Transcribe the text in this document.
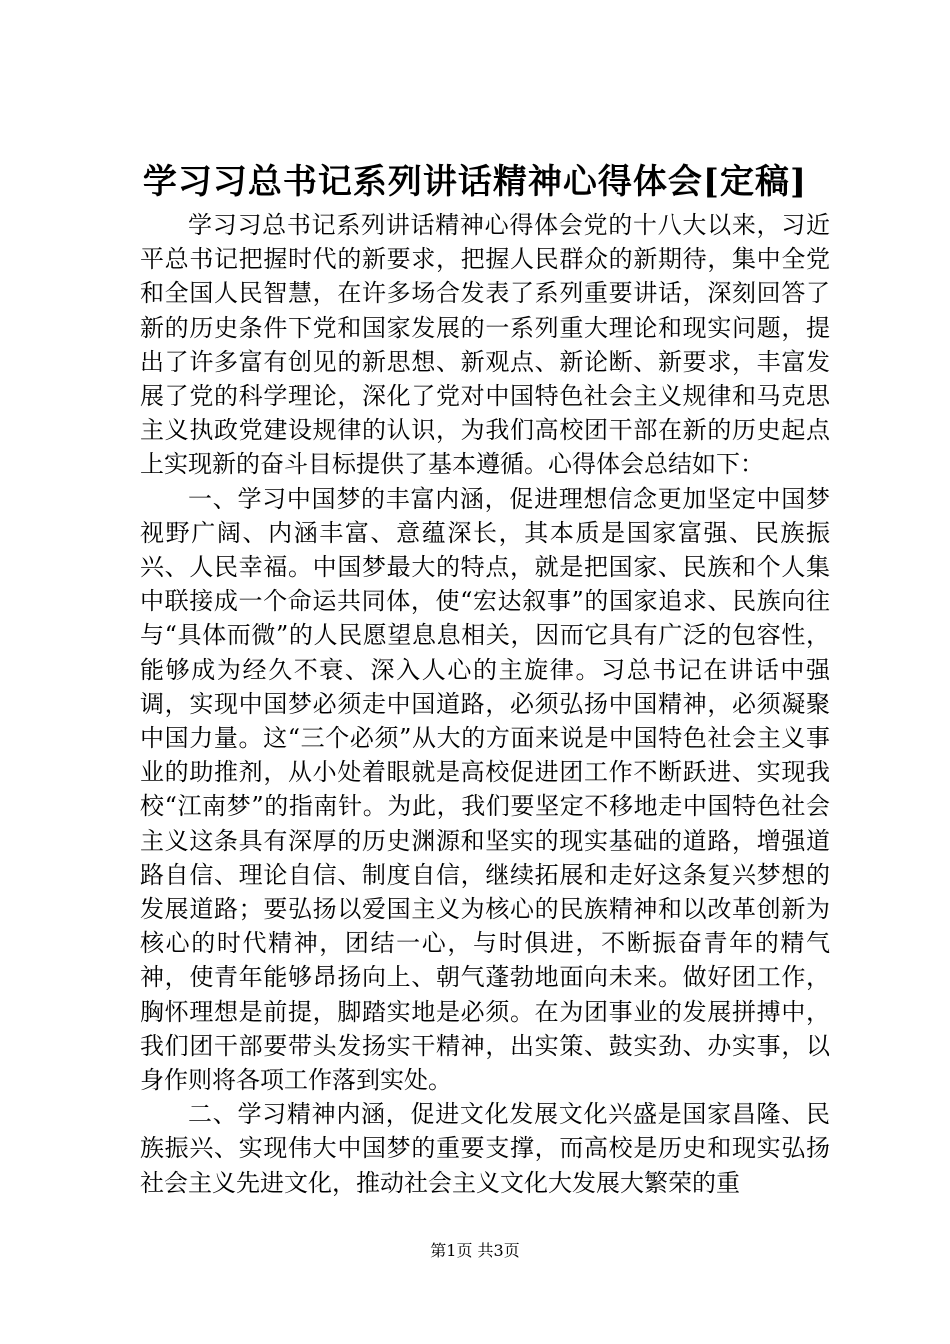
学习习总书记系列讲话精神心得体会[定稿]

学习习总书记系列讲话精神心得体会党的十八大以来，习近平总书记把握时代的新要求，把握人民群众的新期待，集中全党和全国人民智慧，在许多场合发表了系列重要讲话，深刻回答了新的历史条件下党和国家发展的一系列重大理论和现实问题，提出了许多富有创见的新思想、新观点、新论断、新要求，丰富发展了党的科学理论，深化了党对中国特色社会主义规律和马克思主义执政党建设规律的认识，为我们高校团干部在新的历史起点上实现新的奋斗目标提供了基本遵循。心得体会总结如下：

一、学习中国梦的丰富内涵，促进理想信念更加坚定中国梦视野广阔、内涵丰富、意蕴深长，其本质是国家富强、民族振兴、人民幸福。中国梦最大的特点，就是把国家、民族和个人集中联接成一个命运共同体，使“宏达叙事”的国家追求、民族向往与“具体而微”的人民愿望息息相关，因而它具有广泛的包容性，能够成为经久不衰、深入人心的主旋律。习总书记在讲话中强调，实现中国梦必须走中国道路，必须弘扬中国精神，必须凝聚中国力量。这“三个必须”从大的方面来说是中国特色社会主义事业的助推剂，从小处着眼就是高校促进团工作不断跃进、实现我校“江南梦”的指南针。为此，我们要坚定不移地走中国特色社会主义这条具有深厚的历史渊源和坚实的现实基础的道路，增强道路自信、理论自信、制度自信，继续拓展和走好这条复兴梦想的发展道路；要弘扬以爱国主义为核心的民族精神和以改革创新为核心的时代精神，团结一心，与时俱进，不断振奋青年的精气神，使青年能够昂扬向上、朝气蓬勃地面向未来。做好团工作，胸怀理想是前提，脚踏实地是必须。在为团事业的发展拼搏中，我们团干部要带头发扬实干精神，出实策、鼓实劲、办实事，以身作则将各项工作落到实处。

二、学习精神内涵，促进文化发展文化兴盛是国家昌隆、民族振兴、实现伟大中国梦的重要支撑，而高校是历史和现实弘扬社会主义先进文化，推动社会主义文化大发展大繁荣的重

第1页 共3页
